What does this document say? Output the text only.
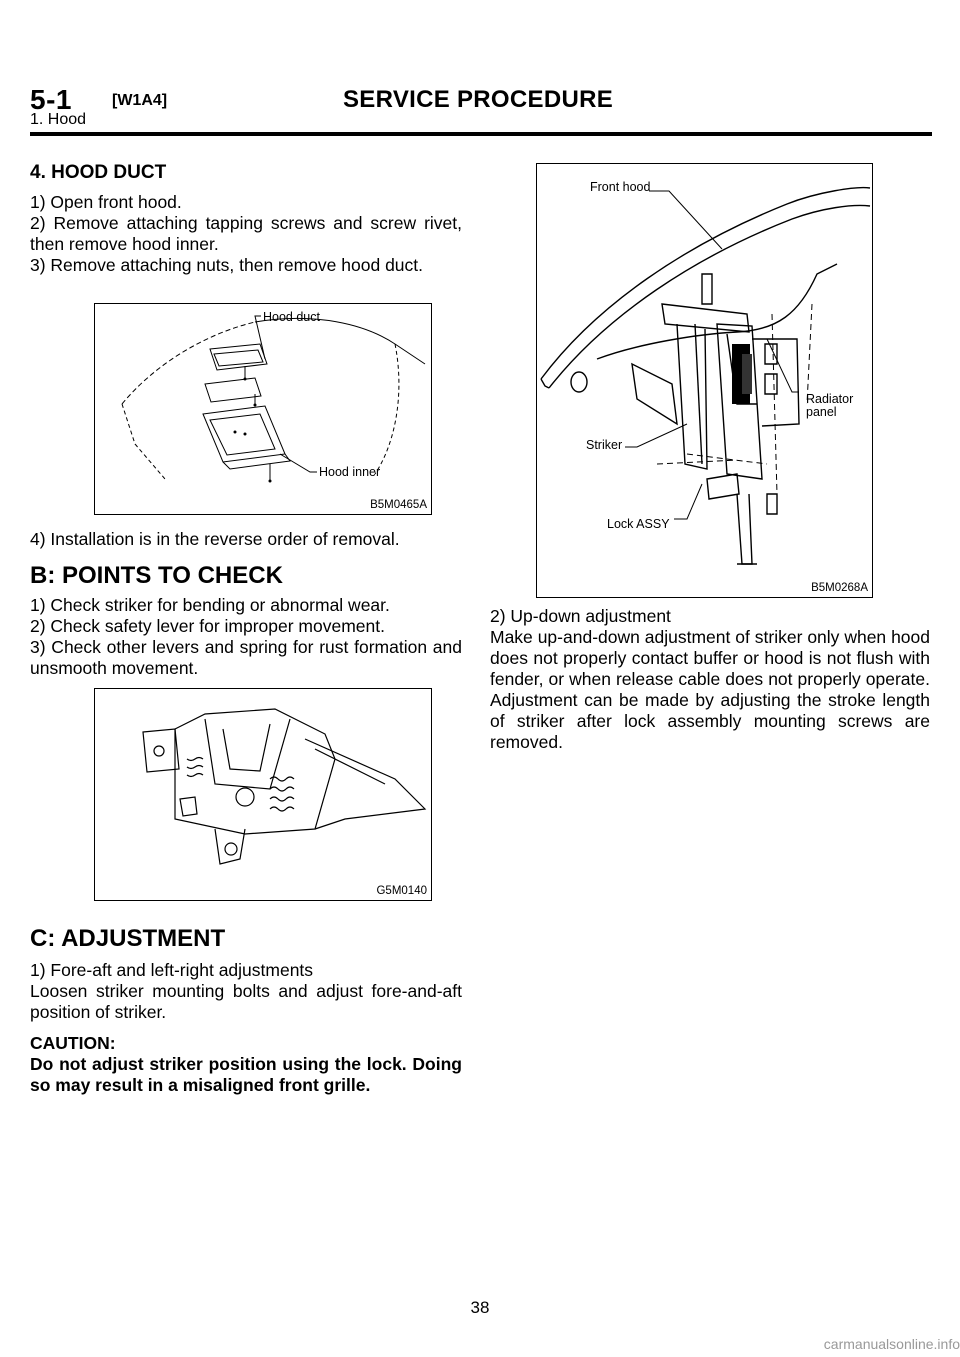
5-1	[W1A4]	SERVICE PROCEDURE
1. Hood

4. HOOD DUCT

1) Open front hood.

2) Remove attaching tapping screws and screw rivet, then remove hood inner.

3) Remove attaching nuts, then remove hood duct.

Hood duct
Hood inner
B5M0465A

4) Installation is in the reverse order of removal.

B: POINTS TO CHECK

1) Check striker for bending or abnormal wear.

2) Check safety lever for improper movement.

3) Check other levers and spring for rust formation and unsmooth movement.

G5M0140

C: ADJUSTMENT

1) Fore-aft and left-right adjustments

Loosen striker mounting bolts and adjust fore-and-aft position of striker.

CAUTION:

Do not adjust striker position using the lock. Doing so may result in a misaligned front grille.

Front hood
Radiator
panel
Striker
Lock ASSY
B5M0268A

2) Up-down adjustment

Make up-and-down adjustment of striker only when hood does not properly contact buffer or hood is not flush with fender, or when release cable does not properly operate. Adjustment can be made by adjusting the stroke length of striker after lock assembly mounting screws are removed.

38
carmanualsonline.info
